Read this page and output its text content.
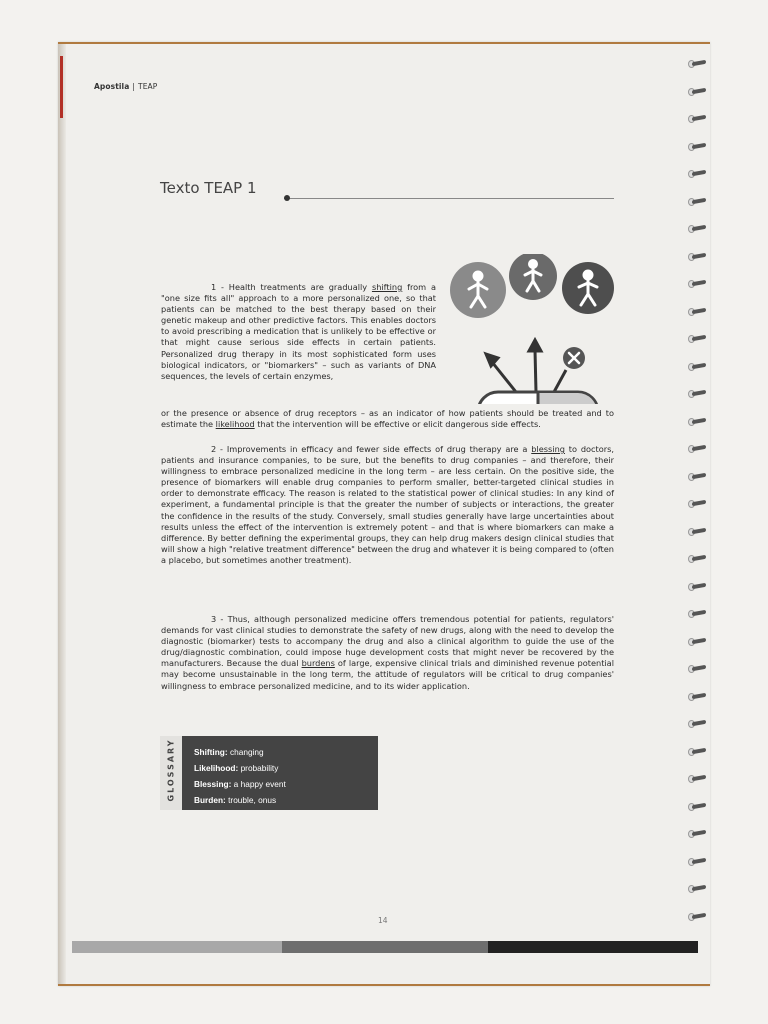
Apostila | TEAP
Texto TEAP 1
1 - Health treatments are gradually shifting from a "one size fits all" approach to a more personalized one, so that patients can be matched to the best therapy based on their genetic makeup and other predictive factors. This enables doctors to avoid prescribing a medication that is unlikely to be effective or that might cause serious side effects in certain patients. Personalized drug therapy in its most sophisticated form uses biological indicators, or "biomarkers" – such as variants of DNA sequences, the levels of certain enzymes,
or the presence or absence of drug receptors – as an indicator of how patients should be treated and to estimate the likelihood that the intervention will be effective or elicit dangerous side effects.
2 - Improvements in efficacy and fewer side effects of drug therapy are a blessing to doctors, patients and insurance companies, to be sure, but the benefits to drug companies – and therefore, their willingness to embrace personalized medicine in the long term – are less certain. On the positive side, the presence of biomarkers will enable drug companies to perform smaller, better-targeted clinical studies in order to demonstrate efficacy. The reason is related to the statistical power of clinical studies: In any kind of experiment, a fundamental principle is that the greater the number of subjects or interactions, the greater the confidence in the results of the study. Conversely, small studies generally have large uncertainties about results unless the effect of the intervention is extremely potent – and that is where biomarkers can make a difference. By better defining the experimental groups, they can help drug makers design clinical studies that will show a high "relative treatment difference" between the drug and whatever it is being compared to (often a placebo, but sometimes another treatment).
3 - Thus, although personalized medicine offers tremendous potential for patients, regulators' demands for vast clinical studies to demonstrate the safety of new drugs, along with the need to develop the diagnostic (biomarker) tests to accompany the drug and also a clinical algorithm to guide the use of the drug/diagnostic combination, could impose huge development costs that might never be recovered by the manufacturers. Because the dual burdens of large, expensive clinical trials and diminished revenue potential may become unsustainable in the long term, the attitude of regulators will be critical to drug companies' willingness to embrace personalized medicine, and to its wider application.
GLOSSARY Shifting: changing
Likelihood: probability
Blessing: a happy event
Burden: trouble, onus
14
